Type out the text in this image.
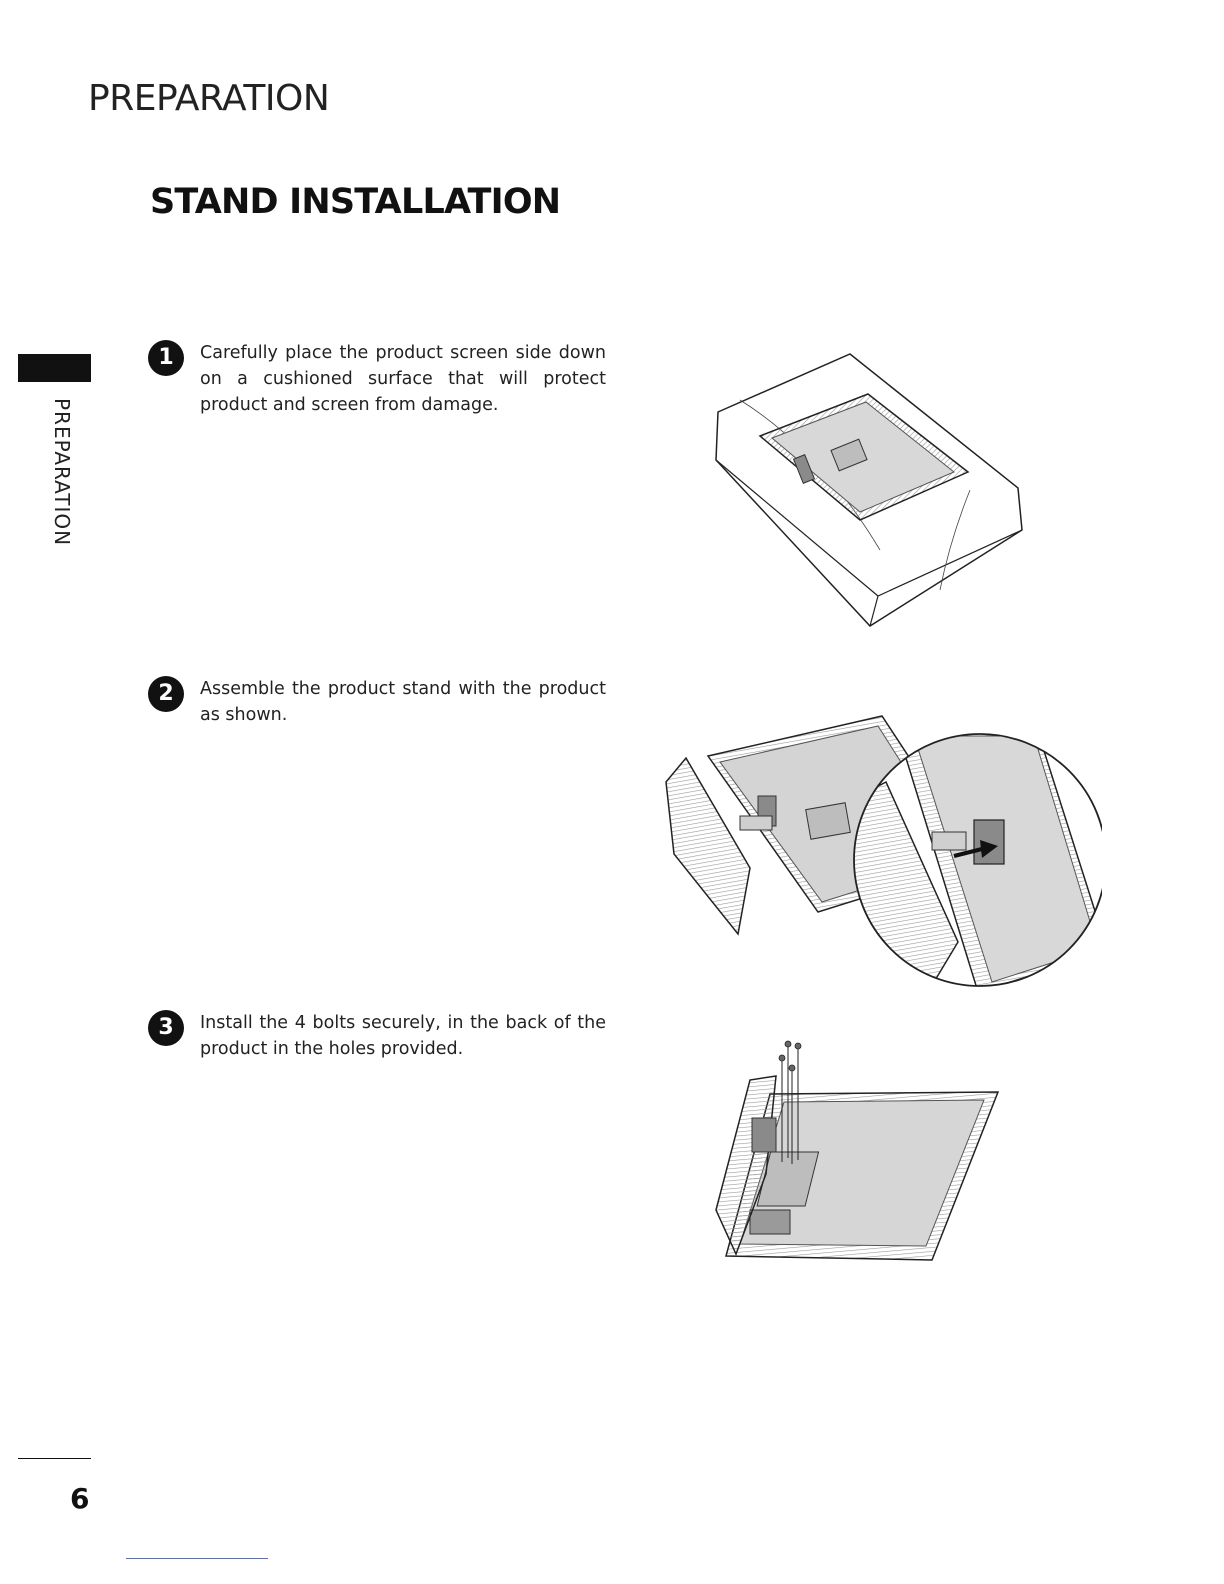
PREPARATION
STAND INSTALLATION
PREPARATION
1	Carefully place the product screen side down on a cushioned surface that will protect product and screen from damage.

2	Assemble the product stand with the product as shown.

3	Install the 4 bolts securely, in the back of the product in the holes provided.

6
